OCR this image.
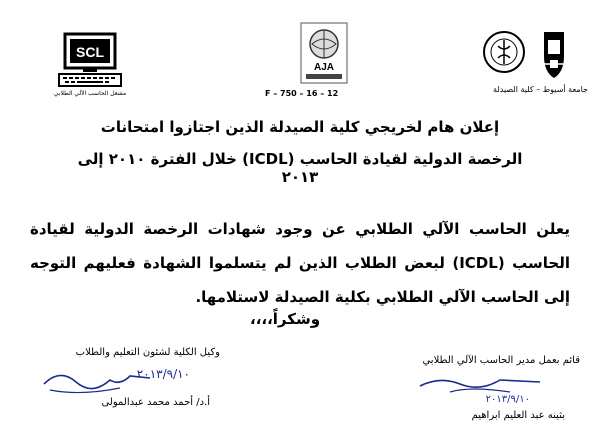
SCL
مشغل الحاسب الآلي الطلابي
AJA
F – 750 – 16 – 12	جامعة أسيوط – كلية الصيدلة
إعلان هام لخريجي كلية الصيدلة الذين اجتازوا امتحانات
الرخصة الدولية لقيادة الحاسب (ICDL) خلال الفترة ٢٠١٠ إلى ٢٠١٣
يعلن الحاسب الآلي الطلابي عن وجود شهادات الرخصة الدولية لقيادة الحاسب (ICDL) لبعض الطلاب الذين لم يتسلموا الشهادة فعليهم التوجه إلى الحاسب الآلي الطلابي بكلية الصيدلة لاستلامها.
وشكراً،،،،
وكيل الكلية لشئون التعليم والطلاب
٢٠١٣/٩/١٠
أ.د/ أحمد محمد عبدالمولى
قائم بعمل مدير الحاسب الآلي الطلابي
٢٠١٣/٩/١٠
بثينه عبد العليم ابراهيم
